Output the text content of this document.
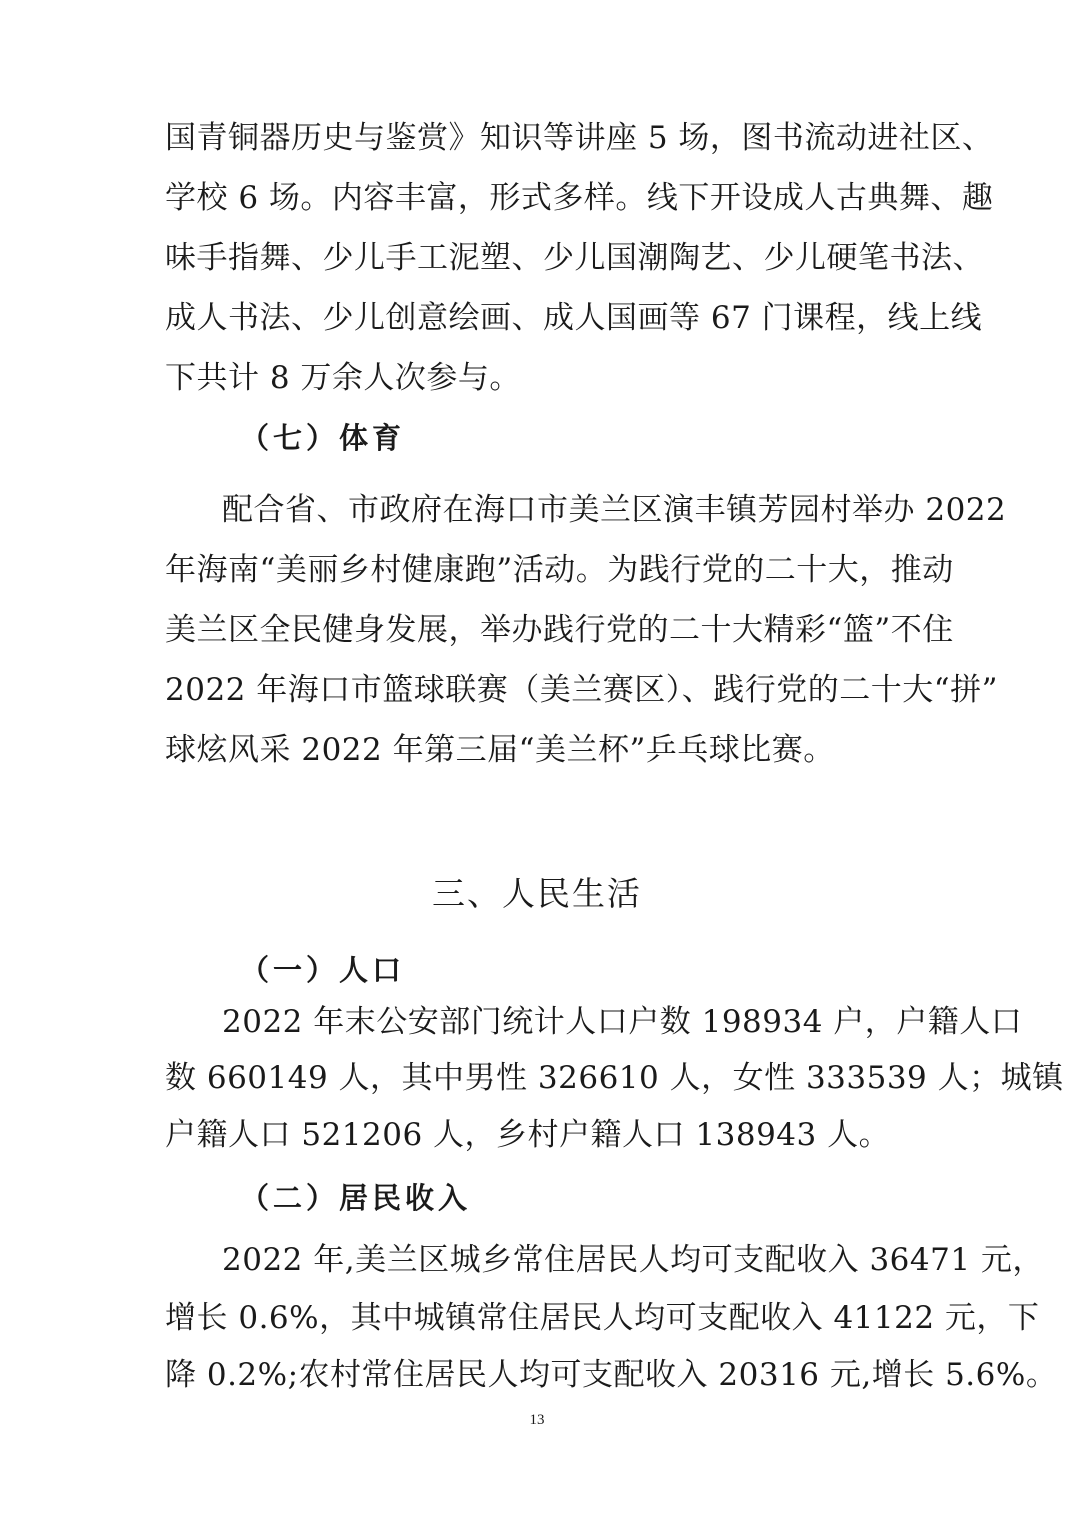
国青铜器历史与鉴赏》知识等讲座 5 场，图书流动进社区、
学校 6 场。内容丰富，形式多样。线下开设成人古典舞、趣
味手指舞、少儿手工泥塑、少儿国潮陶艺、少儿硬笔书法、
成人书法、少儿创意绘画、成人国画等 67 门课程，线上线
下共计 8 万余人次参与。
（七）体育
配合省、市政府在海口市美兰区演丰镇芳园村举办 2022
年海南“美丽乡村健康跑”活动。为践行党的二十大，推动
美兰区全民健身发展，举办践行党的二十大精彩“篮”不住
2022 年海口市篮球联赛（美兰赛区）、践行党的二十大“拼”
球炫风采 2022 年第三届“美兰杯”乒乓球比赛。
三、人民生活
（一）人口
2022 年末公安部门统计人口户数 198934 户，户籍人口
数 660149 人，其中男性 326610 人，女性 333539 人；城镇
户籍人口 521206 人，乡村户籍人口 138943 人。
（二）居民收入
2022 年,美兰区城乡常住居民人均可支配收入 36471 元，
增长 0.6%，其中城镇常住居民人均可支配收入 41122 元，下
降 0.2%;农村常住居民人均可支配收入 20316 元,增长 5.6%。
13
